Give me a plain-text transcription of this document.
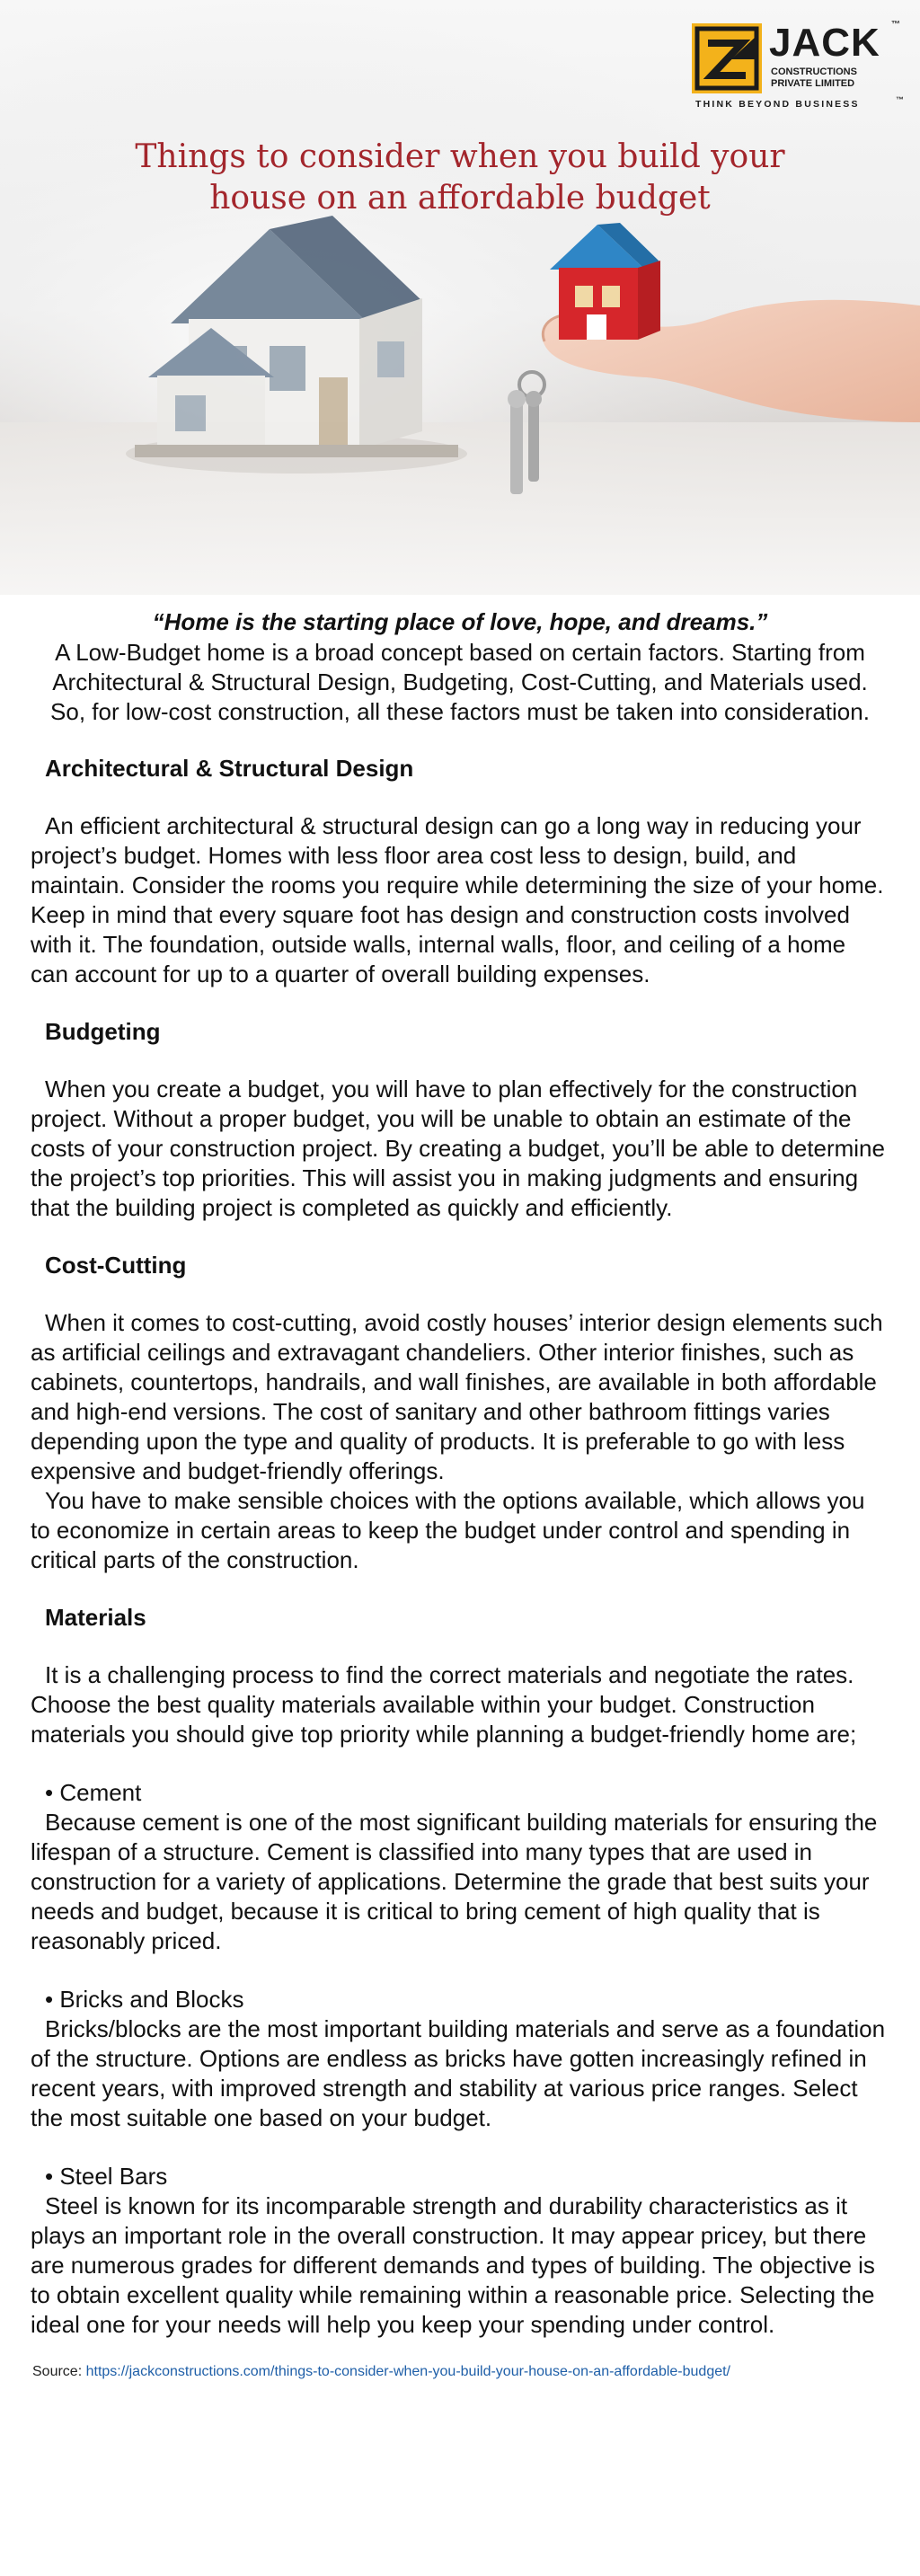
JACK ™
CONSTRUCTIONS
PRIVATE LIMITED
THINK BEYOND BUSINESS	™
Things to consider when you build your
house on an affordable budget
“Home is the starting place of love, hope, and dreams.”
A Low-Budget home is a broad concept based on certain factors. Starting from Architectural & Structural Design, Budgeting, Cost-Cutting, and Materials used. So, for low-cost construction, all these factors must be taken into consideration.
Architectural & Structural Design
An efficient architectural & structural design can go a long way in reducing your project’s budget. Homes with less floor area cost less to design, build, and maintain. Consider the rooms you require while determining the size of your home. Keep in mind that every square foot has design and construction costs involved with it. The foundation, outside walls, internal walls, floor, and ceiling of a home can account for up to a quarter of overall building expenses.
Budgeting
When you create a budget, you will have to plan effectively for the construction project. Without a proper budget, you will be unable to obtain an estimate of the costs of your construction project. By creating a budget, you’ll be able to determine the project’s top priorities. This will assist you in making judgments and ensuring that the building project is completed as quickly and efficiently.
Cost-Cutting
When it comes to cost-cutting, avoid costly houses’ interior design elements such as artificial ceilings and extravagant chandeliers. Other interior finishes, such as cabinets, countertops, handrails, and wall finishes, are available in both affordable and high-end versions. The cost of sanitary and other bathroom fittings varies depending upon the type and quality of products. It is preferable to go with less expensive and budget-friendly offerings.
You have to make sensible choices with the options available, which allows you to economize in certain areas to keep the budget under control and spending in critical parts of the construction.
Materials
It is a challenging process to find the correct materials and negotiate the rates. Choose the best quality materials available within your budget. Construction materials you should give top priority while planning a budget-friendly home are;
• Cement
Because cement is one of the most significant building materials for ensuring the lifespan of a structure. Cement is classified into many types that are used in construction for a variety of applications. Determine the grade that best suits your needs and budget, because it is critical to bring cement of high quality that is reasonably priced.
• Bricks and Blocks
Bricks/blocks are the most important building materials and serve as a foundation of the structure. Options are endless as bricks have gotten increasingly refined in recent years, with improved strength and stability at various price ranges. Select the most suitable one based on your budget.
• Steel Bars
Steel is known for its incomparable strength and durability characteristics as it plays an important role in the overall construction. It may appear pricey, but there are numerous grades for different demands and types of building. The objective is to obtain excellent quality while remaining within a reasonable price. Selecting the ideal one for your needs will help you keep your spending under control.
Source: https://jackconstructions.com/things-to-consider-when-you-build-your-house-on-an-affordable-budget/
